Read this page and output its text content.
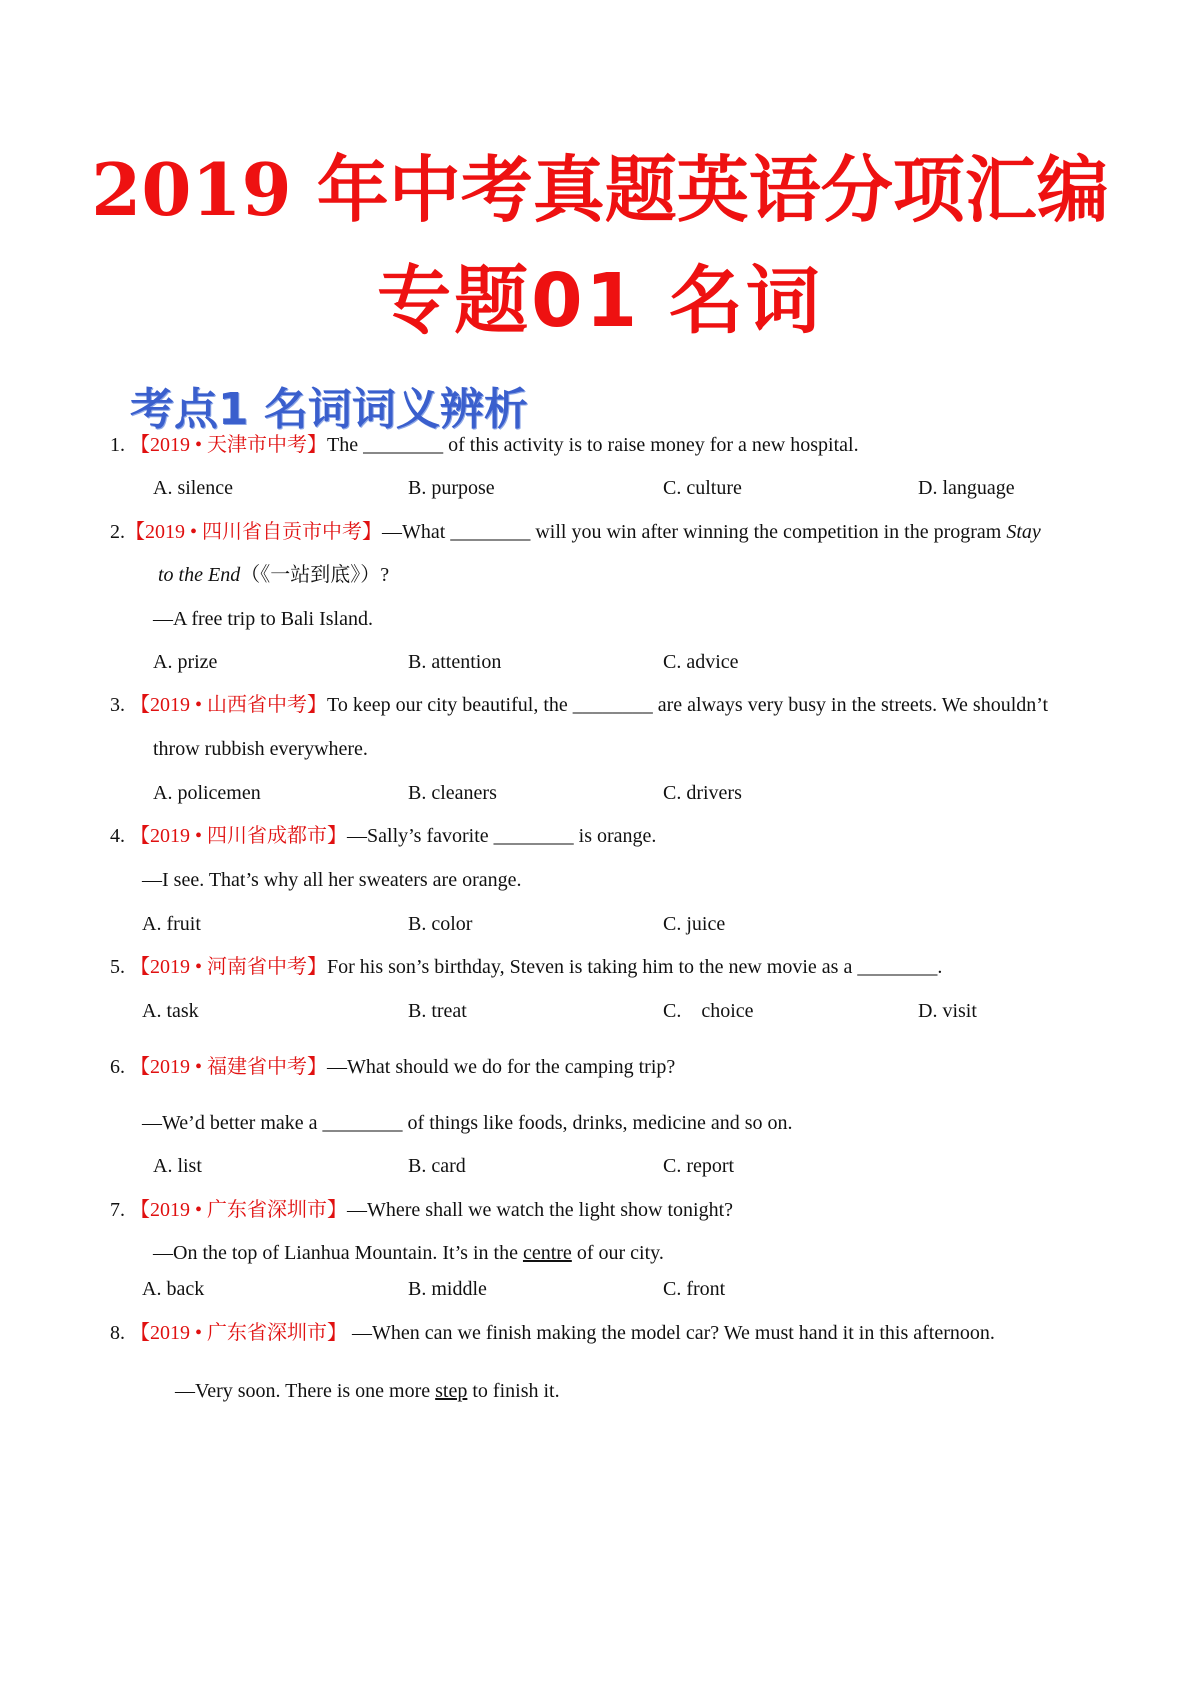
2019 年中考真题英语分项汇编
专题01 名词
考点1 名词词义辨析
1. 【2019 • 天津市中考】The ________ of this activity is to raise money for a new hospital.
A. silence	B. purpose	C. culture	D. language
2.【2019 • 四川省自贡市中考】—What ________ will you win after winning the competition in the program Stay
to the End（《一站到底》）?
—A free trip to Bali Island.
A. prize	B. attention	C. advice
3. 【2019 • 山西省中考】To keep our city beautiful, the ________ are always very busy in the streets. We shouldn’t
throw rubbish everywhere.
A. policemen	B. cleaners	C. drivers
4. 【2019 • 四川省成都市】—Sally’s favorite ________ is orange.
—I see. That’s why all her sweaters are orange.
A. fruit	B. color	C. juice
5. 【2019 • 河南省中考】For his son’s birthday, Steven is taking him to the new movie as a ________.
A. task	B. treat	C.    choice	D. visit
6. 【2019 • 福建省中考】—What should we do for the camping trip?
—We’d better make a ________ of things like foods, drinks, medicine and so on.
A. list	B. card	C. report
7. 【2019 • 广东省深圳市】—Where shall we watch the light show tonight?
—On the top of Lianhua Mountain. It’s in the centre of our city.
A. back	B. middle	C. front
8. 【2019 • 广东省深圳市】 —When can we finish making the model car? We must hand it in this afternoon.
—Very soon. There is one more step to finish it.
